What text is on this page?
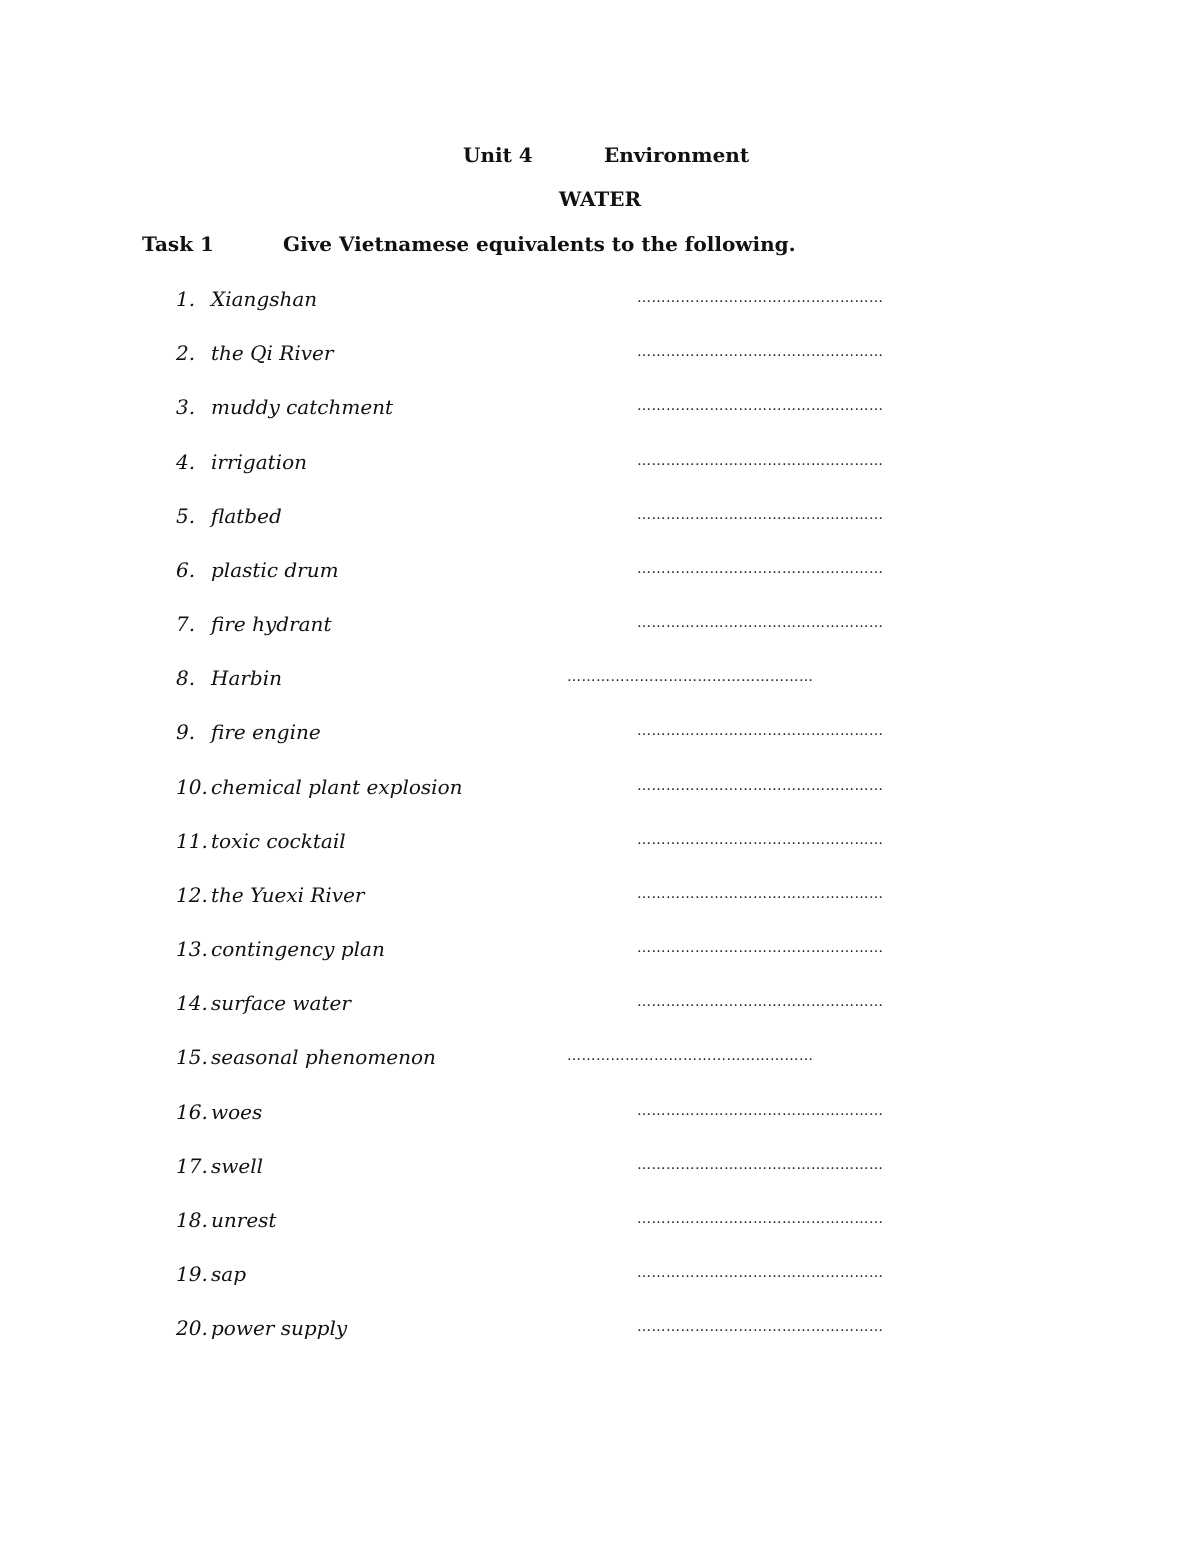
Unit 4	Environment
WATER
Task 1	Give Vietnamese equivalents to the following.
1. Xiangshan	……………………………………………
2. the Qi River	……………………………………………
3. muddy catchment	……………………………………………
4. irrigation	……………………………………………
5. flatbed	……………………………………………
6. plastic drum	……………………………………………
7. fire hydrant	……………………………………………
8. Harbin	……………………………………………
9. fire engine	……………………………………………
10. chemical plant explosion	……………………………………………
11. toxic cocktail	……………………………………………
12. the Yuexi River	……………………………………………
13. contingency plan	……………………………………………
14. surface water	……………………………………………
15. seasonal phenomenon	……………………………………………
16. woes	……………………………………………
17. swell	……………………………………………
18. unrest	……………………………………………
19. sap	……………………………………………
20. power supply	……………………………………………
